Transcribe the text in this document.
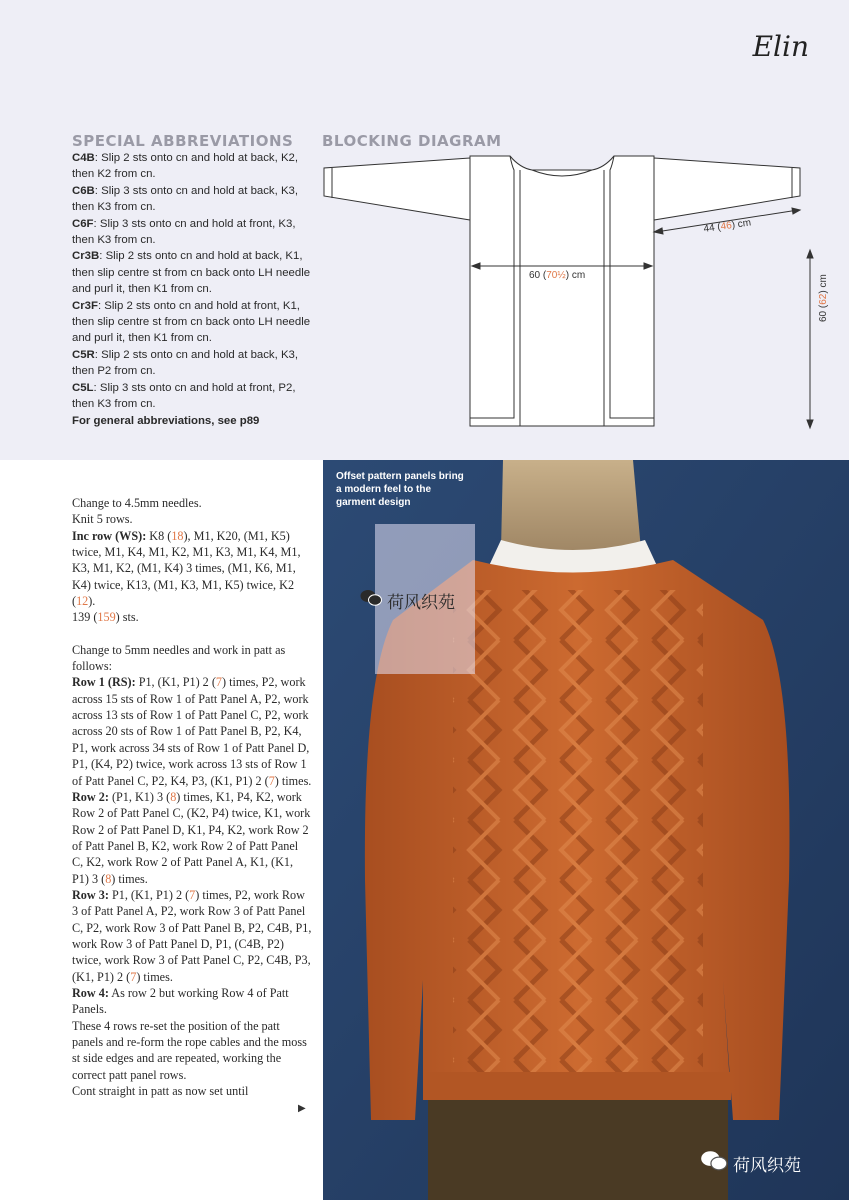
Elin
SPECIAL ABBREVIATIONS
C4B: Slip 2 sts onto cn and hold at back, K2, then K2 from cn.
C6B: Slip 3 sts onto cn and hold at back, K3, then K3 from cn.
C6F: Slip 3 sts onto cn and hold at front, K3, then K3 from cn.
Cr3B: Slip 2 sts onto cn and hold at back, K1, then slip centre st from cn back onto LH needle and purl it, then K1 from cn.
Cr3F: Slip 2 sts onto cn and hold at front, K1, then slip centre st from cn back onto LH needle and purl it, then K1 from cn.
C5R: Slip 2 sts onto cn and hold at back, K3, then P2 from cn.
C5L: Slip 3 sts onto cn and hold at front, P2, then K3 from cn.
For general abbreviations, see p89
BLOCKING DIAGRAM
60 (70½) cm
44 (46) cm
60 (62) cm

Change to 4.5mm needles.

Knit 5 rows.

Inc row (WS): K8 (18), M1, K20, (M1, K5) twice, M1, K4, M1, K2, M1, K3, M1, K4, M1, K3, M1, K2, (M1, K4) 3 times, (M1, K6, M1, K4) twice, K13, (M1, K3, M1, K5) twice, K2 (12).

139 (159) sts.

Change to 5mm needles and work in patt as follows:

Row 1 (RS): P1, (K1, P1) 2 (7) times, P2, work across 15 sts of Row 1 of Patt Panel A, P2, work across 13 sts of Row 1 of Patt Panel C, P2, work across 20 sts of Row 1 of Patt Panel B, P2, K4, P1, work across 34 sts of Row 1 of Patt Panel D, P1, (K4, P2) twice, work across 13 sts of Row 1 of Patt Panel C, P2, K4, P3, (K1, P1) 2 (7) times.

Row 2: (P1, K1) 3 (8) times, K1, P4, K2, work Row 2 of Patt Panel C, (K2, P4) twice, K1, work Row 2 of Patt Panel D, K1, P4, K2, work Row 2 of Patt Panel B, K2, work Row 2 of Patt Panel C, K2, work Row 2 of Patt Panel A, K1, (K1, P1) 3 (8) times.

Row 3: P1, (K1, P1) 2 (7) times, P2, work Row 3 of Patt Panel A, P2, work Row 3 of Patt Panel C, P2, work Row 3 of Patt Panel B, P2, C4B, P1, work Row 3 of Patt Panel D, P1, (C4B, P2) twice, work Row 3 of Patt Panel C, P2, C4B, P3, (K1, P1) 2 (7) times.

Row 4: As row 2 but working Row 4 of Patt Panels.

These 4 rows re-set the position of the patt panels and re-form the rope cables and the moss st side edges and are repeated, working the correct patt panel rows.

Cont straight in patt as now set until

▶
Offset pattern panels bring a modern feel to the garment design
荷风织苑
荷风织苑
